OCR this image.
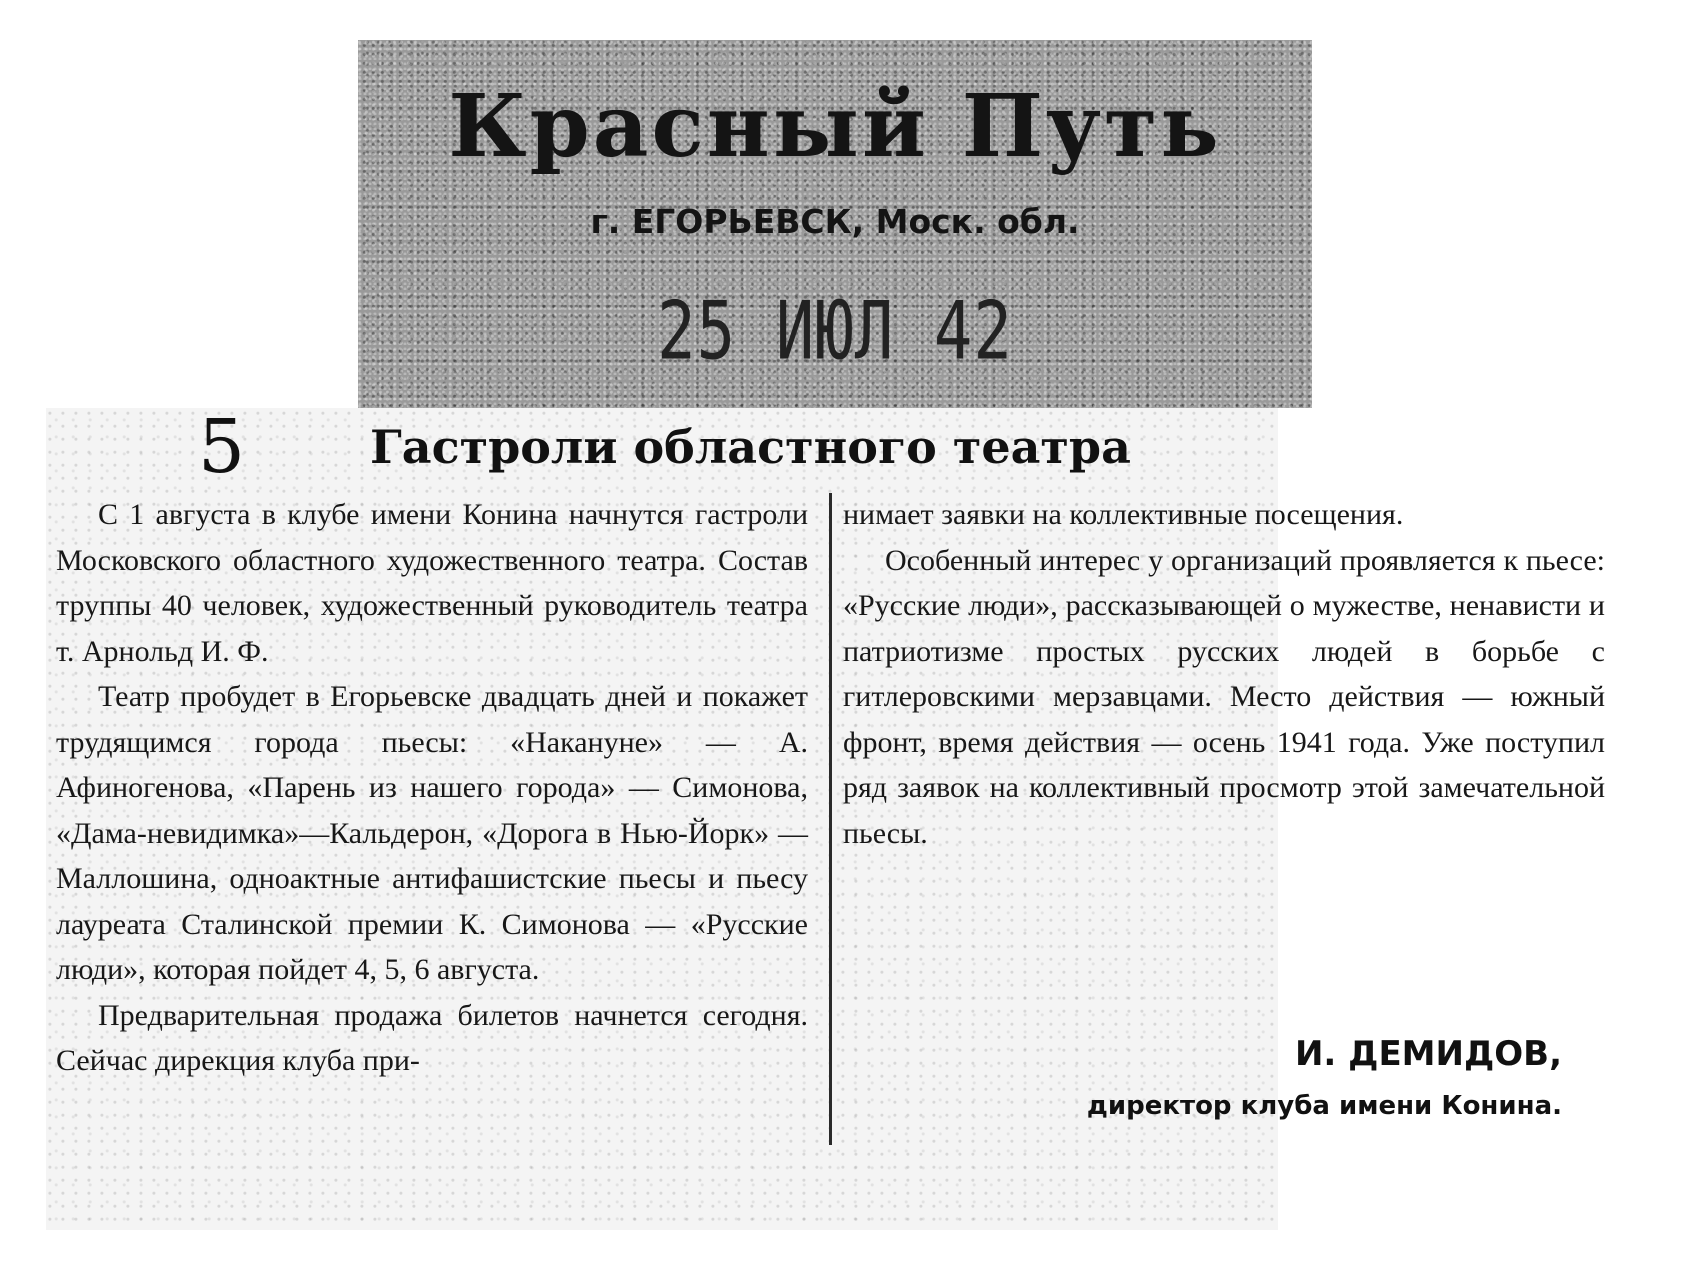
Красный Путь
г. ЕГОРЬЕВСК, Моск. обл.
25 ИЮЛ 42
5	Гастроли областного театра

С 1 августа в клубе имени Конина начнутся гастроли Московского областного художественного театра. Состав труппы 40 человек, художественный руководитель театра т. Арнольд И. Ф.

Театр пробудет в Егорьевске двадцать дней и покажет трудящимся города пьесы: «Накануне» — А. Афиногенова, «Парень из нашего города» — Симонова, «Дама-невидимка»—Кальдерон, «Дорога в Нью-Йорк» — Маллошина, одноактные антифашистские пьесы и пьесу лауреата Сталинской премии К. Симонова — «Русские люди», которая пойдет 4, 5, 6 августа.

Предварительная продажа билетов начнется сегодня. Сейчас дирекция клуба при-

нимает заявки на коллективные посещения.

Особенный интерес у организаций проявляется к пьесе: «Русские люди», рассказывающей о мужестве, ненависти и патриотизме простых русских людей в борьбе с гитлеровскими мерзавцами. Место действия — южный фронт, время действия — осень 1941 года. Уже поступил ряд заявок на коллективный просмотр этой замечательной пьесы.

И. ДЕМИДОВ,
директор клуба имени Конина.
